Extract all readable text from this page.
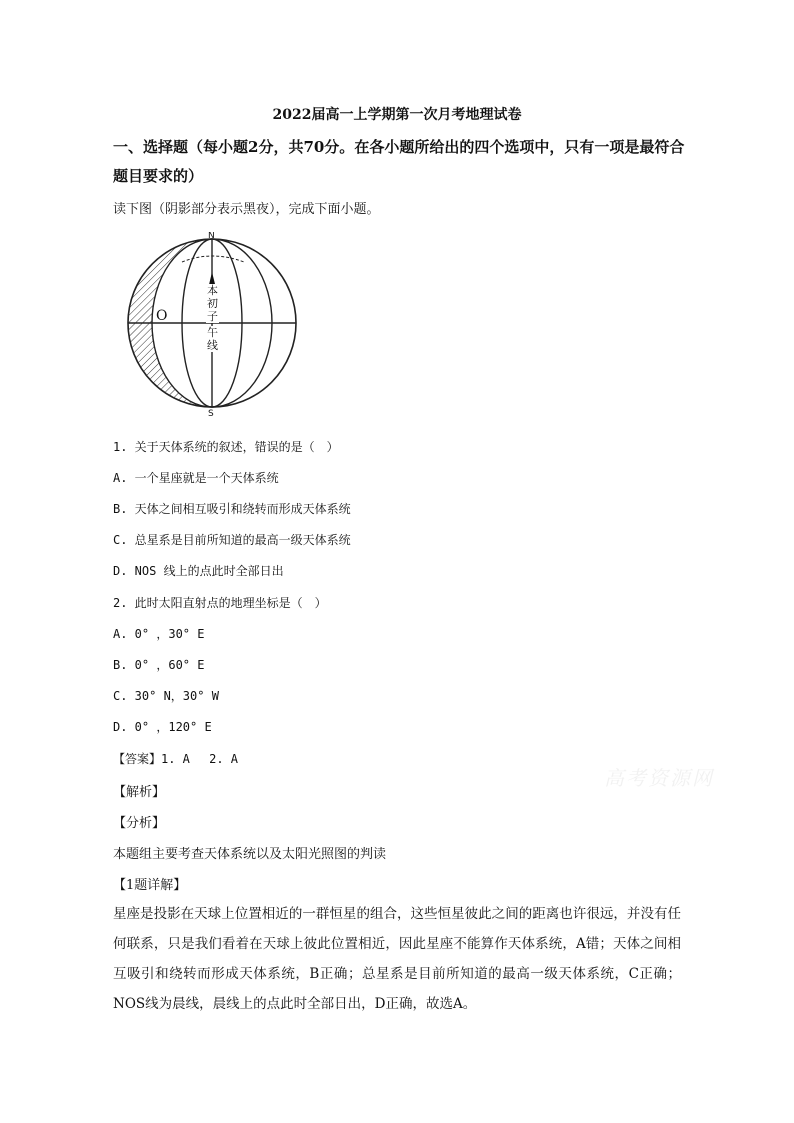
2022届高一上学期第一次月考地理试卷
一、选择题（每小题2分，共70分。在各小题所给出的四个选项中，只有一项是最符合题目要求的）
读下图（阴影部分表示黑夜），完成下面小题。
N
S
O
本
初
子
午
线
1. 关于天体系统的叙述，错误的是（　）
A. 一个星座就是一个天体系统
B. 天体之间相互吸引和绕转而形成天体系统
C. 总星系是目前所知道的最高一级天体系统
D. NOS 线上的点此时全部日出
2. 此时太阳直射点的地理坐标是（　）
A. 0° ，30° E
B. 0° ，60° E
C. 30° N，30° W
D. 0° ，120° E
【答案】1. A　 2. A
【解析】
【分析】
本题组主要考查天体系统以及太阳光照图的判读
【1题详解】
星座是投影在天球上位置相近的一群恒星的组合，这些恒星彼此之间的距离也许很远，并没有任何联系，只是我们看着在天球上彼此位置相近，因此星座不能算作天体系统，A错；天体之间相互吸引和绕转而形成天体系统，B正确；总星系是目前所知道的最高一级天体系统，C正确；NOS线为晨线，晨线上的点此时全部日出，D正确，故选A。
高考资源网
